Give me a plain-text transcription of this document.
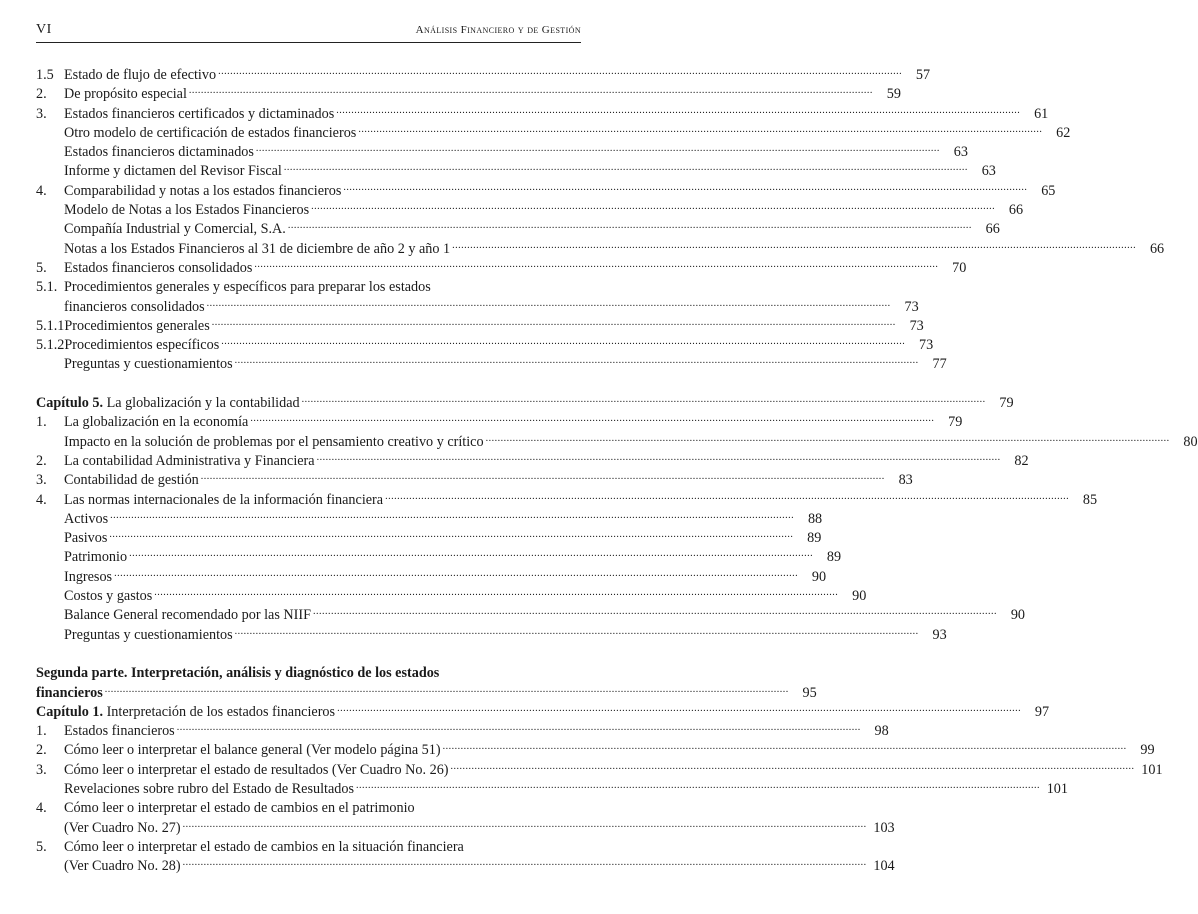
VI	Análisis Financiero y de Gestión
1.5 Estado de flujo de efectivo .....	57
2.	De propósito especial .....	59
3.	Estados financieros certificados y dictaminados .....	61
Otro modelo de certificación de estados financieros .....	62
Estados financieros dictaminados .....	63
Informe y dictamen del Revisor Fiscal .....	63
4.	Comparabilidad y notas a los estados financieros .....	65
Modelo de Notas a los Estados Financieros .....	66
Compañía Industrial y Comercial, S.A. .....	66
Notas a los Estados Financieros al 31 de diciembre de año 2 y año 1 .....	66
5.	Estados financieros consolidados .....	70
5.1. Procedimientos generales y específicos para preparar los estados
financieros consolidados .....	73
5.1.1 Procedimientos generales .....	73
5.1.2 Procedimientos específicos .....	73
Preguntas y cuestionamientos .....	77
Capítulo 5. La globalización y la contabilidad .....	79
1.	La globalización en la economía .....	79
Impacto en la solución de problemas por el pensamiento creativo y crítico .....	80
2.	La contabilidad Administrativa y Financiera .....	82
3.	Contabilidad de gestión .....	83
4.	Las normas internacionales de la información financiera .....	85
Activos .....	88
Pasivos .....	89
Patrimonio .....	89
Ingresos .....	90
Costos y gastos .....	90
Balance General recomendado por las NIIF .....	90
Preguntas y cuestionamientos .....	93
Segunda parte. Interpretación, análisis y diagnóstico de los estados
financieros .....	95
Capítulo 1. Interpretación de los estados financieros .....	97
1.	Estados financieros .....	98
2.	Cómo leer o interpretar el balance general (Ver modelo página 51) .....	99
3.	Cómo leer o interpretar el estado de resultados (Ver Cuadro No. 26) .....	101
Revelaciones sobre rubro del Estado de Resultados .....	101
4.	Cómo leer o interpretar el estado de cambios en el patrimonio
(Ver Cuadro No. 27) .....	103
5.	Cómo leer o interpretar el estado de cambios en la situación financiera
(Ver Cuadro No. 28) .....	104
